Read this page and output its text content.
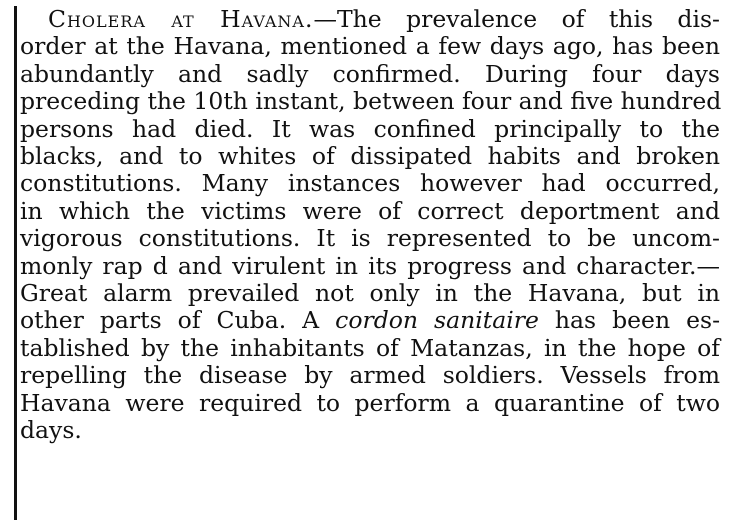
Cholera at Havana.—The prevalence of this dis-
order at the Havana, mentioned a few days ago, has been
abundantly and sadly confirmed. During four days
preceding the 10th instant, between four and five hundred
persons had died. It was confined principally to the
blacks, and to whites of dissipated habits and broken
constitutions. Many instances however had occurred,
in which the victims were of correct deportment and
vigorous constitutions. It is represented to be uncom-
monly rap d and virulent in its progress and character.—
Great alarm prevailed not only in the Havana, but in
other parts of Cuba. A cordon sanitaire has been es-
tablished by the inhabitants of Matanzas, in the hope of
repelling the disease by armed soldiers. Vessels from
Havana were required to perform a quarantine of two
days.
